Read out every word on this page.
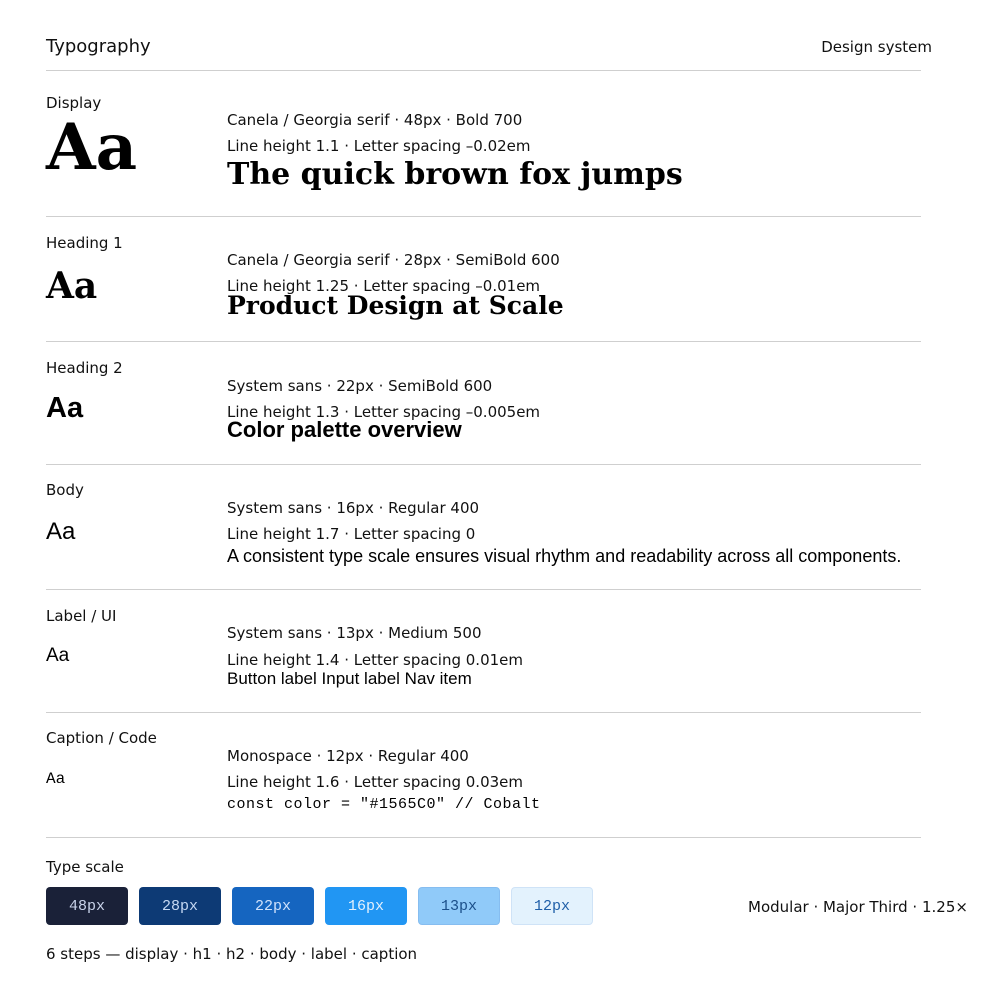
Typography	Design system
Display
Aa	Canela / Georgia serif · 48px · Bold 700
Line height 1.1 · Letter spacing –0.02em
The quick brown fox jumps
Heading 1
Aa
Canela / Georgia serif · 28px · SemiBold 600
Line height 1.25 · Letter spacing –0.01em
Product Design at Scale
Heading 2
Aa
System sans · 22px · SemiBold 600
Line height 1.3 · Letter spacing –0.005em
Color palette overview
Body
Aa
System sans · 16px · Regular 400
Line height 1.7 · Letter spacing 0
A consistent type scale ensures visual rhythm and readability across all components.
Label / UI
Aa
System sans · 13px · Medium 500
Line height 1.4 · Letter spacing 0.01em
Button label Input label Nav item
Caption / Code
Aa
Monospace · 12px · Regular 400
Line height 1.6 · Letter spacing 0.03em
const color = "#1565C0" // Cobalt
Type scale
48px	28px	22px	16px	13px	12px	Modular · Major Third · 1.25×
6 steps — display · h1 · h2 · body · label · caption
